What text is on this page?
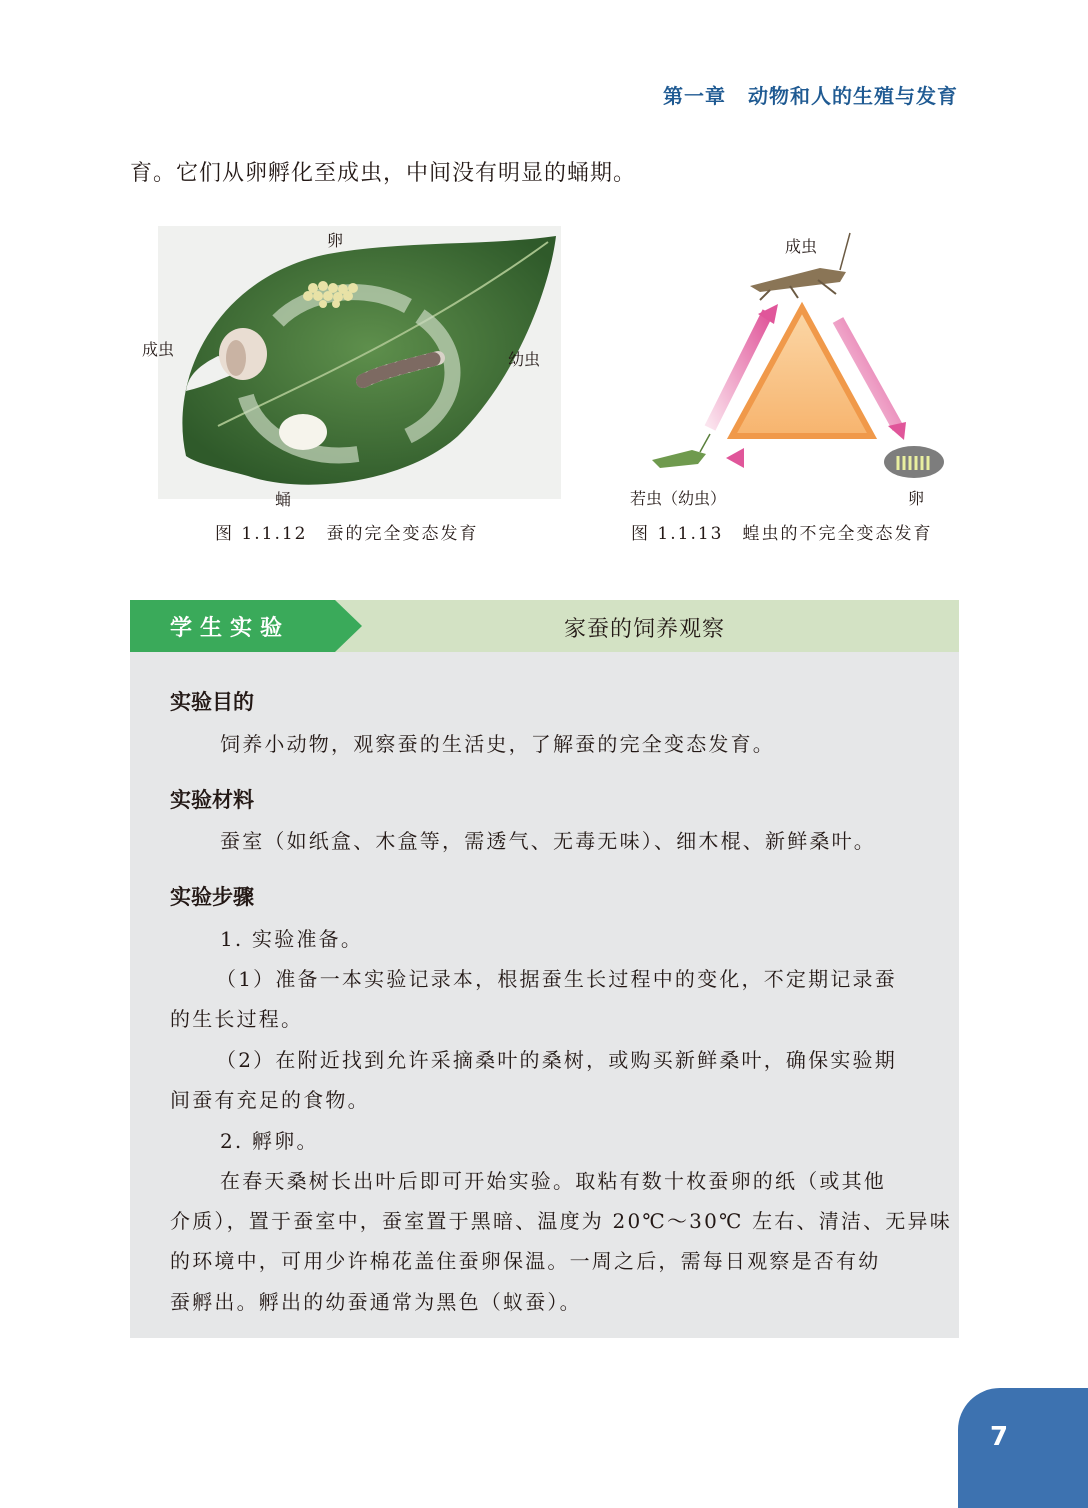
第一章 动物和人的生殖与发育
育。它们从卵孵化至成虫，中间没有明显的蛹期。
卵
成虫
幼虫
蛹
图 1.1.12　蚕的完全变态发育
成虫
若虫（幼虫）	卵
图 1.1.13　蝗虫的不完全变态发育
学生实验	家蚕的饲养观察
实验目的
饲养小动物，观察蚕的生活史，了解蚕的完全变态发育。
实验材料
蚕室（如纸盒、木盒等，需透气、无毒无味）、细木棍、新鲜桑叶。
实验步骤
1. 实验准备。
（1）准备一本实验记录本，根据蚕生长过程中的变化，不定期记录蚕
的生长过程。
（2）在附近找到允许采摘桑叶的桑树，或购买新鲜桑叶，确保实验期
间蚕有充足的食物。
2. 孵卵。
在春天桑树长出叶后即可开始实验。取粘有数十枚蚕卵的纸（或其他
介质），置于蚕室中，蚕室置于黑暗、温度为 20℃～30℃ 左右、清洁、无异味
的环境中，可用少许棉花盖住蚕卵保温。一周之后，需每日观察是否有幼
蚕孵出。孵出的幼蚕通常为黑色（蚁蚕）。
7
